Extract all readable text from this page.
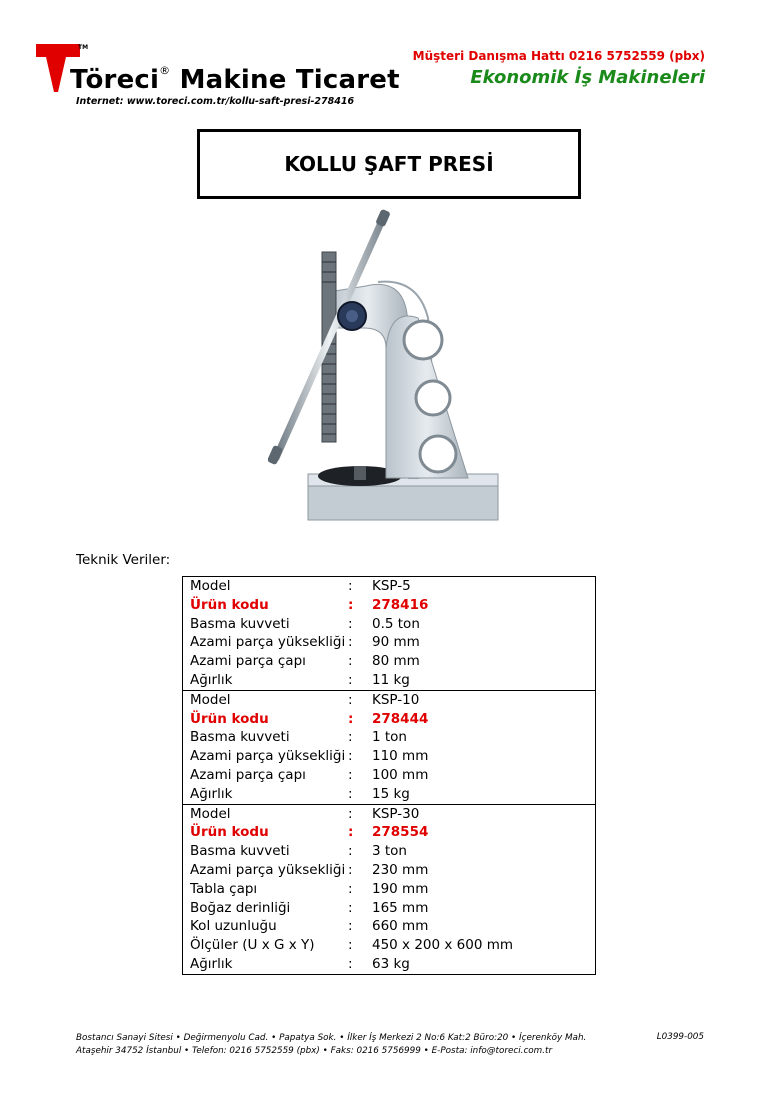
TM
Töreci® Makine Ticaret
Internet: www.toreci.com.tr/kollu-saft-presi-278416
Müşteri Danışma Hattı 0216 5752559 (pbx)
Ekonomik İş Makineleri
KOLLU ŞAFT PRESİ
Teknik Veriler:
Model	:	KSP-5
Ürün kodu	:	278416
Basma kuvveti	:	0.5 ton
Azami parça yüksekliği :	90 mm
Azami parça çapı	:	80 mm
Ağırlık	:	11 kg
Model	:	KSP-10
Ürün kodu	:	278444
Basma kuvveti	:	1 ton
Azami parça yüksekliği :	110 mm
Azami parça çapı	:	100 mm
Ağırlık	:	15 kg
Model	:	KSP-30
Ürün kodu	:	278554
Basma kuvveti	:	3 ton
Azami parça yüksekliği :	230 mm
Tabla çapı	:	190 mm
Boğaz derinliği	:	165 mm
Kol uzunluğu	:	660 mm
Ölçüler (U x G x Y)	:	450 x 200 x 600 mm
Ağırlık	:	63 kg
Bostancı Sanayi Sitesi • Değirmenyolu Cad. • Papatya Sok. • İlker İş Merkezi 2 No:6 Kat:2 Büro:20 • İçerenköy Mah.
Ataşehir 34752 İstanbul • Telefon: 0216 5752559 (pbx) • Faks: 0216 5756999 • E-Posta: info@toreci.com.tr
L0399-005
